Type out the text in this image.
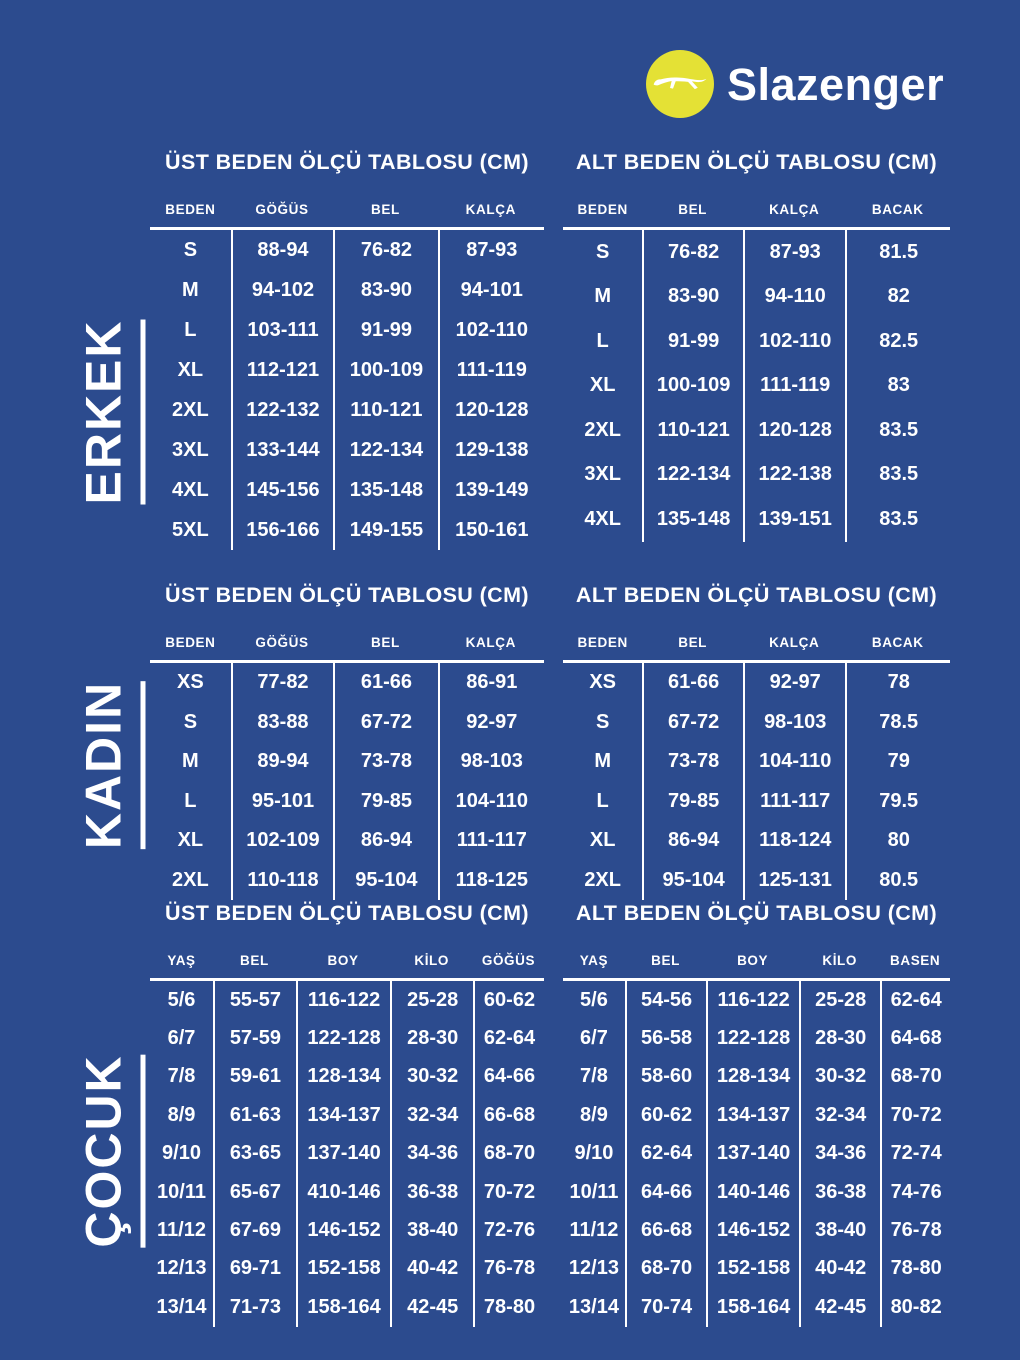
Slazenger
ERKEK
ÜST BEDEN ÖLÇÜ TABLOSU (CM)
BEDEN	GÖĞÜS	BEL	KALÇA
S	88-94	76-82	87-93
M	94-102	83-90	94-101
L	103-111	91-99	102-110
XL	112-121	100-109	111-119
2XL	122-132	110-121	120-128
3XL	133-144	122-134	129-138
4XL	145-156	135-148	139-149
5XL	156-166	149-155	150-161
ALT BEDEN ÖLÇÜ TABLOSU (CM)
BEDEN	BEL	KALÇA	BACAK
S	76-82	87-93	81.5
M	83-90	94-110	82
L	91-99	102-110	82.5
XL	100-109	111-119	83
2XL	110-121	120-128	83.5
3XL	122-134	122-138	83.5
4XL	135-148	139-151	83.5
KADIN
ÜST BEDEN ÖLÇÜ TABLOSU (CM)
BEDEN	GÖĞÜS	BEL	KALÇA
XS	77-82	61-66	86-91
S	83-88	67-72	92-97
M	89-94	73-78	98-103
L	95-101	79-85	104-110
XL	102-109	86-94	111-117
2XL	110-118	95-104	118-125
ALT BEDEN ÖLÇÜ TABLOSU (CM)
BEDEN	BEL	KALÇA	BACAK
XS	61-66	92-97	78
S	67-72	98-103	78.5
M	73-78	104-110	79
L	79-85	111-117	79.5
XL	86-94	118-124	80
2XL	95-104	125-131	80.5
ÇOCUK
ÜST BEDEN ÖLÇÜ TABLOSU (CM)
YAŞ	BEL	BOY	KİLO	GÖĞÜS
5/6	55-57	116-122	25-28	60-62
6/7	57-59	122-128	28-30	62-64
7/8	59-61	128-134	30-32	64-66
8/9	61-63	134-137	32-34	66-68
9/10	63-65	137-140	34-36	68-70
10/11	65-67	410-146	36-38	70-72
11/12	67-69	146-152	38-40	72-76
12/13	69-71	152-158	40-42	76-78
13/14	71-73	158-164	42-45	78-80
ALT BEDEN ÖLÇÜ TABLOSU (CM)
YAŞ	BEL	BOY	KİLO	BASEN
5/6	54-56	116-122	25-28	62-64
6/7	56-58	122-128	28-30	64-68
7/8	58-60	128-134	30-32	68-70
8/9	60-62	134-137	32-34	70-72
9/10	62-64	137-140	34-36	72-74
10/11	64-66	140-146	36-38	74-76
11/12	66-68	146-152	38-40	76-78
12/13	68-70	152-158	40-42	78-80
13/14	70-74	158-164	42-45	80-82
